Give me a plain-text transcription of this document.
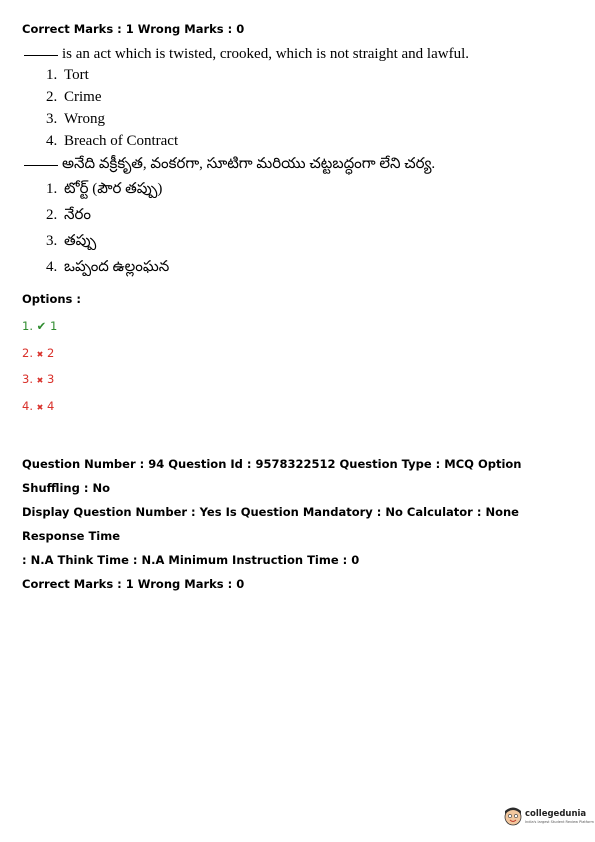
Correct Marks : 1 Wrong Marks : 0
is an act which is twisted, crooked, which is not straight and lawful.
1. Tort
2. Crime
3. Wrong
4. Breach of Contract
అనేది వక్రీకృత, వంకరగా, సూటిగా మరియు చట్టబద్ధంగా లేని చర్య.
1. టోర్ట్ (పౌర తప్పు)
2. నేరం
3. తప్పు
4. ఒప్పంద ఉల్లంఘన
Options :
1. ✔ 1
2. ✖ 2
3. ✖ 3
4. ✖ 4
Question Number : 94 Question Id : 9578322512 Question Type : MCQ Option Shuffling : No
Display Question Number : Yes Is Question Mandatory : No Calculator : None Response Time
: N.A Think Time : N.A Minimum Instruction Time : 0
Correct Marks : 1 Wrong Marks : 0
collegedunia
India's largest Student Review Platform
